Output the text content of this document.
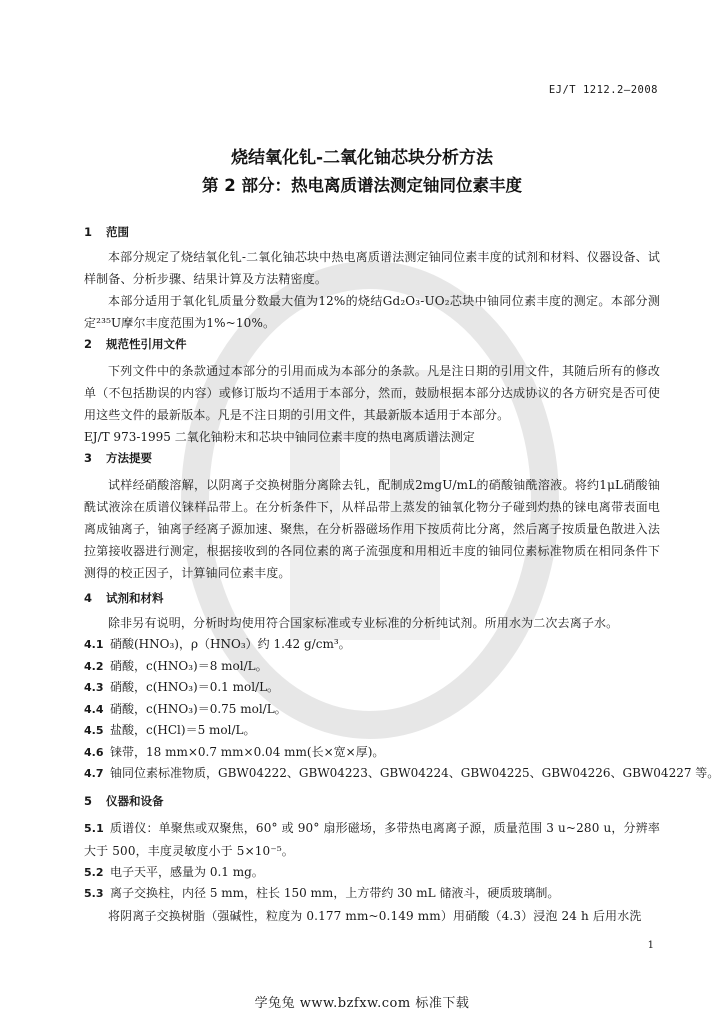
EJ/T 1212.2—2008
烧结氧化钆-二氧化铀芯块分析方法
第 2 部分：热电离质谱法测定铀同位素丰度
1 范围

本部分规定了烧结氧化钆-二氧化铀芯块中热电离质谱法测定铀同位素丰度的试剂和材料、仪器设备、试样制备、分析步骤、结果计算及方法精密度。

本部分适用于氧化钆质量分数最大值为12%的烧结Gd₂O₃-UO₂芯块中铀同位素丰度的测定。本部分测定²³⁵U摩尔丰度范围为1%~10%。

2 规范性引用文件

下列文件中的条款通过本部分的引用而成为本部分的条款。凡是注日期的引用文件，其随后所有的修改单（不包括勘误的内容）或修订版均不适用于本部分，然而，鼓励根据本部分达成协议的各方研究是否可使用这些文件的最新版本。凡是不注日期的引用文件，其最新版本适用于本部分。

EJ/T 973-1995 二氧化铀粉末和芯块中铀同位素丰度的热电离质谱法测定

3 方法提要

试样经硝酸溶解，以阴离子交换树脂分离除去钆，配制成2mgU/mL的硝酸铀酰溶液。将约1μL硝酸铀酰试液涂在质谱仪铼样品带上。在分析条件下，从样品带上蒸发的铀氧化物分子碰到灼热的铼电离带表面电离成铀离子，铀离子经离子源加速、聚焦，在分析器磁场作用下按质荷比分离，然后离子按质量色散进入法拉第接收器进行测定，根据接收到的各同位素的离子流强度和用相近丰度的铀同位素标准物质在相同条件下测得的校正因子，计算铀同位素丰度。

4 试剂和材料

除非另有说明，分析时均使用符合国家标准或专业标准的分析纯试剂。所用水为二次去离子水。

4.1 硝酸(HNO₃)，ρ（HNO₃）约 1.42 g/cm³。

4.2 硝酸，c(HNO₃)＝8 mol/L。

4.3 硝酸，c(HNO₃)＝0.1 mol/L。

4.4 硝酸，c(HNO₃)＝0.75 mol/L。

4.5 盐酸，c(HCl)＝5 mol/L。

4.6 铼带，18 mm×0.7 mm×0.04 mm(长×宽×厚)。

4.7 铀同位素标准物质，GBW04222、GBW04223、GBW04224、GBW04225、GBW04226、GBW04227 等。

5 仪器和设备

5.1 质谱仪：单聚焦或双聚焦，60° 或 90° 扇形磁场，多带热电离离子源，质量范围 3 u~280 u，分辨率大于 500，丰度灵敏度小于 5×10⁻⁵。

5.2 电子天平，感量为 0.1 mg。

5.3 离子交换柱，内径 5 mm，柱长 150 mm，上方带约 30 mL 储液斗，硬质玻璃制。

将阴离子交换树脂（强碱性，粒度为 0.177 mm~0.149 mm）用硝酸（4.3）浸泡 24 h 后用水洗

1
学兔兔 www.bzfxw.com 标准下载
